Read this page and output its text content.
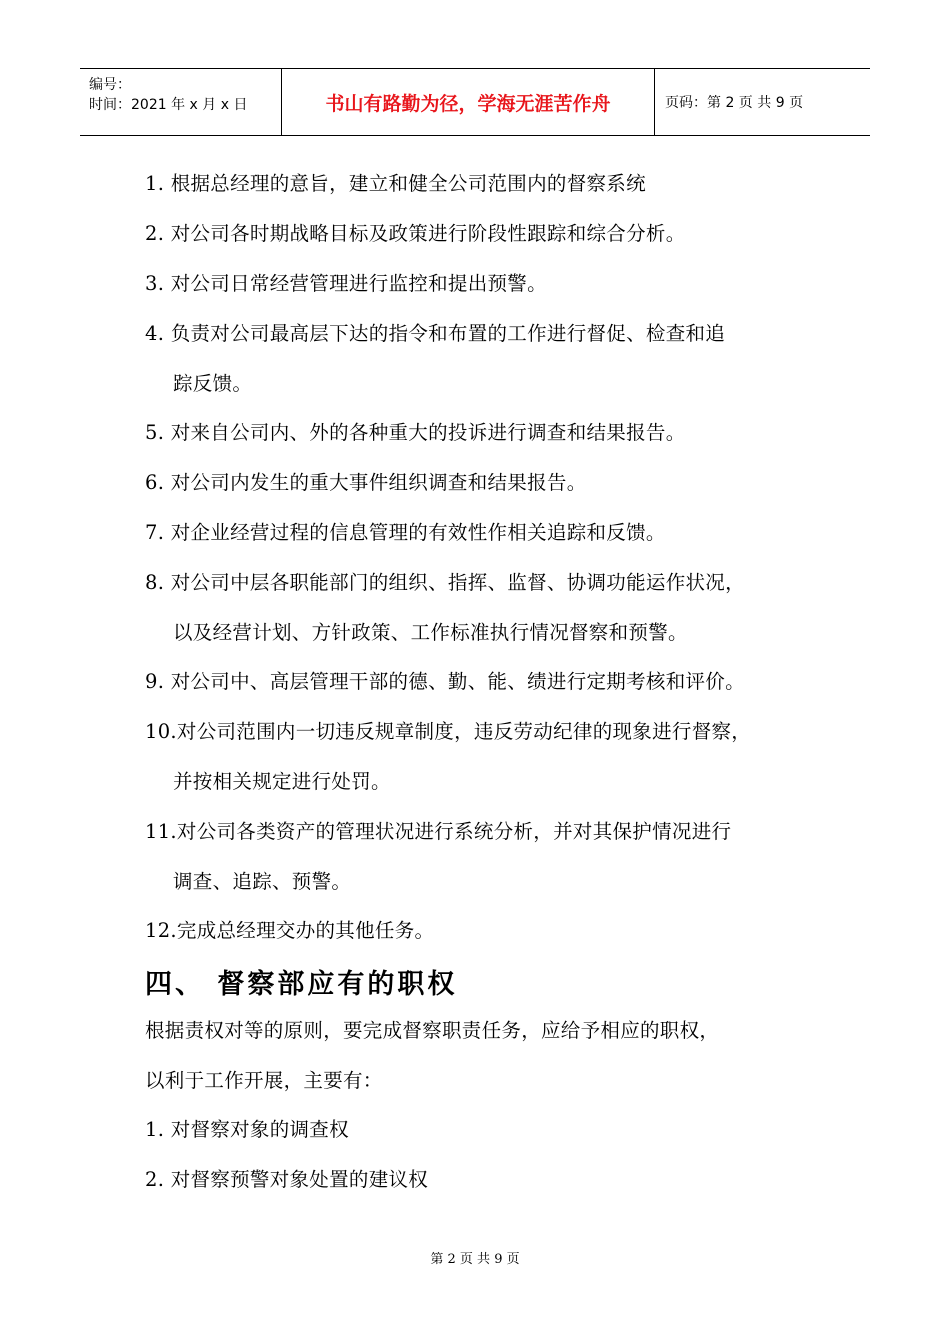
编号：
时间：2021 年 x 月 x 日	书山有路勤为径，学海无涯苦作舟	页码：第 2 页 共 9 页
1. 根据总经理的意旨，建立和健全公司范围内的督察系统
2. 对公司各时期战略目标及政策进行阶段性跟踪和综合分析。
3. 对公司日常经营管理进行监控和提出预警。
4. 负责对公司最高层下达的指令和布置的工作进行督促、检查和追
踪反馈。
5. 对来自公司内、外的各种重大的投诉进行调查和结果报告。
6. 对公司内发生的重大事件组织调查和结果报告。
7. 对企业经营过程的信息管理的有效性作相关追踪和反馈。
8. 对公司中层各职能部门的组织、指挥、监督、协调功能运作状况，
以及经营计划、方针政策、工作标准执行情况督察和预警。
9. 对公司中、高层管理干部的德、勤、能、绩进行定期考核和评价。
10.对公司范围内一切违反规章制度，违反劳动纪律的现象进行督察，
并按相关规定进行处罚。
11.对公司各类资产的管理状况进行系统分析，并对其保护情况进行
调查、追踪、预警。
12.完成总经理交办的其他任务。
四、 督察部应有的职权
根据责权对等的原则，要完成督察职责任务，应给予相应的职权，
以利于工作开展，主要有：
1. 对督察对象的调查权
2. 对督察预警对象处置的建议权
第 2 页 共 9 页
